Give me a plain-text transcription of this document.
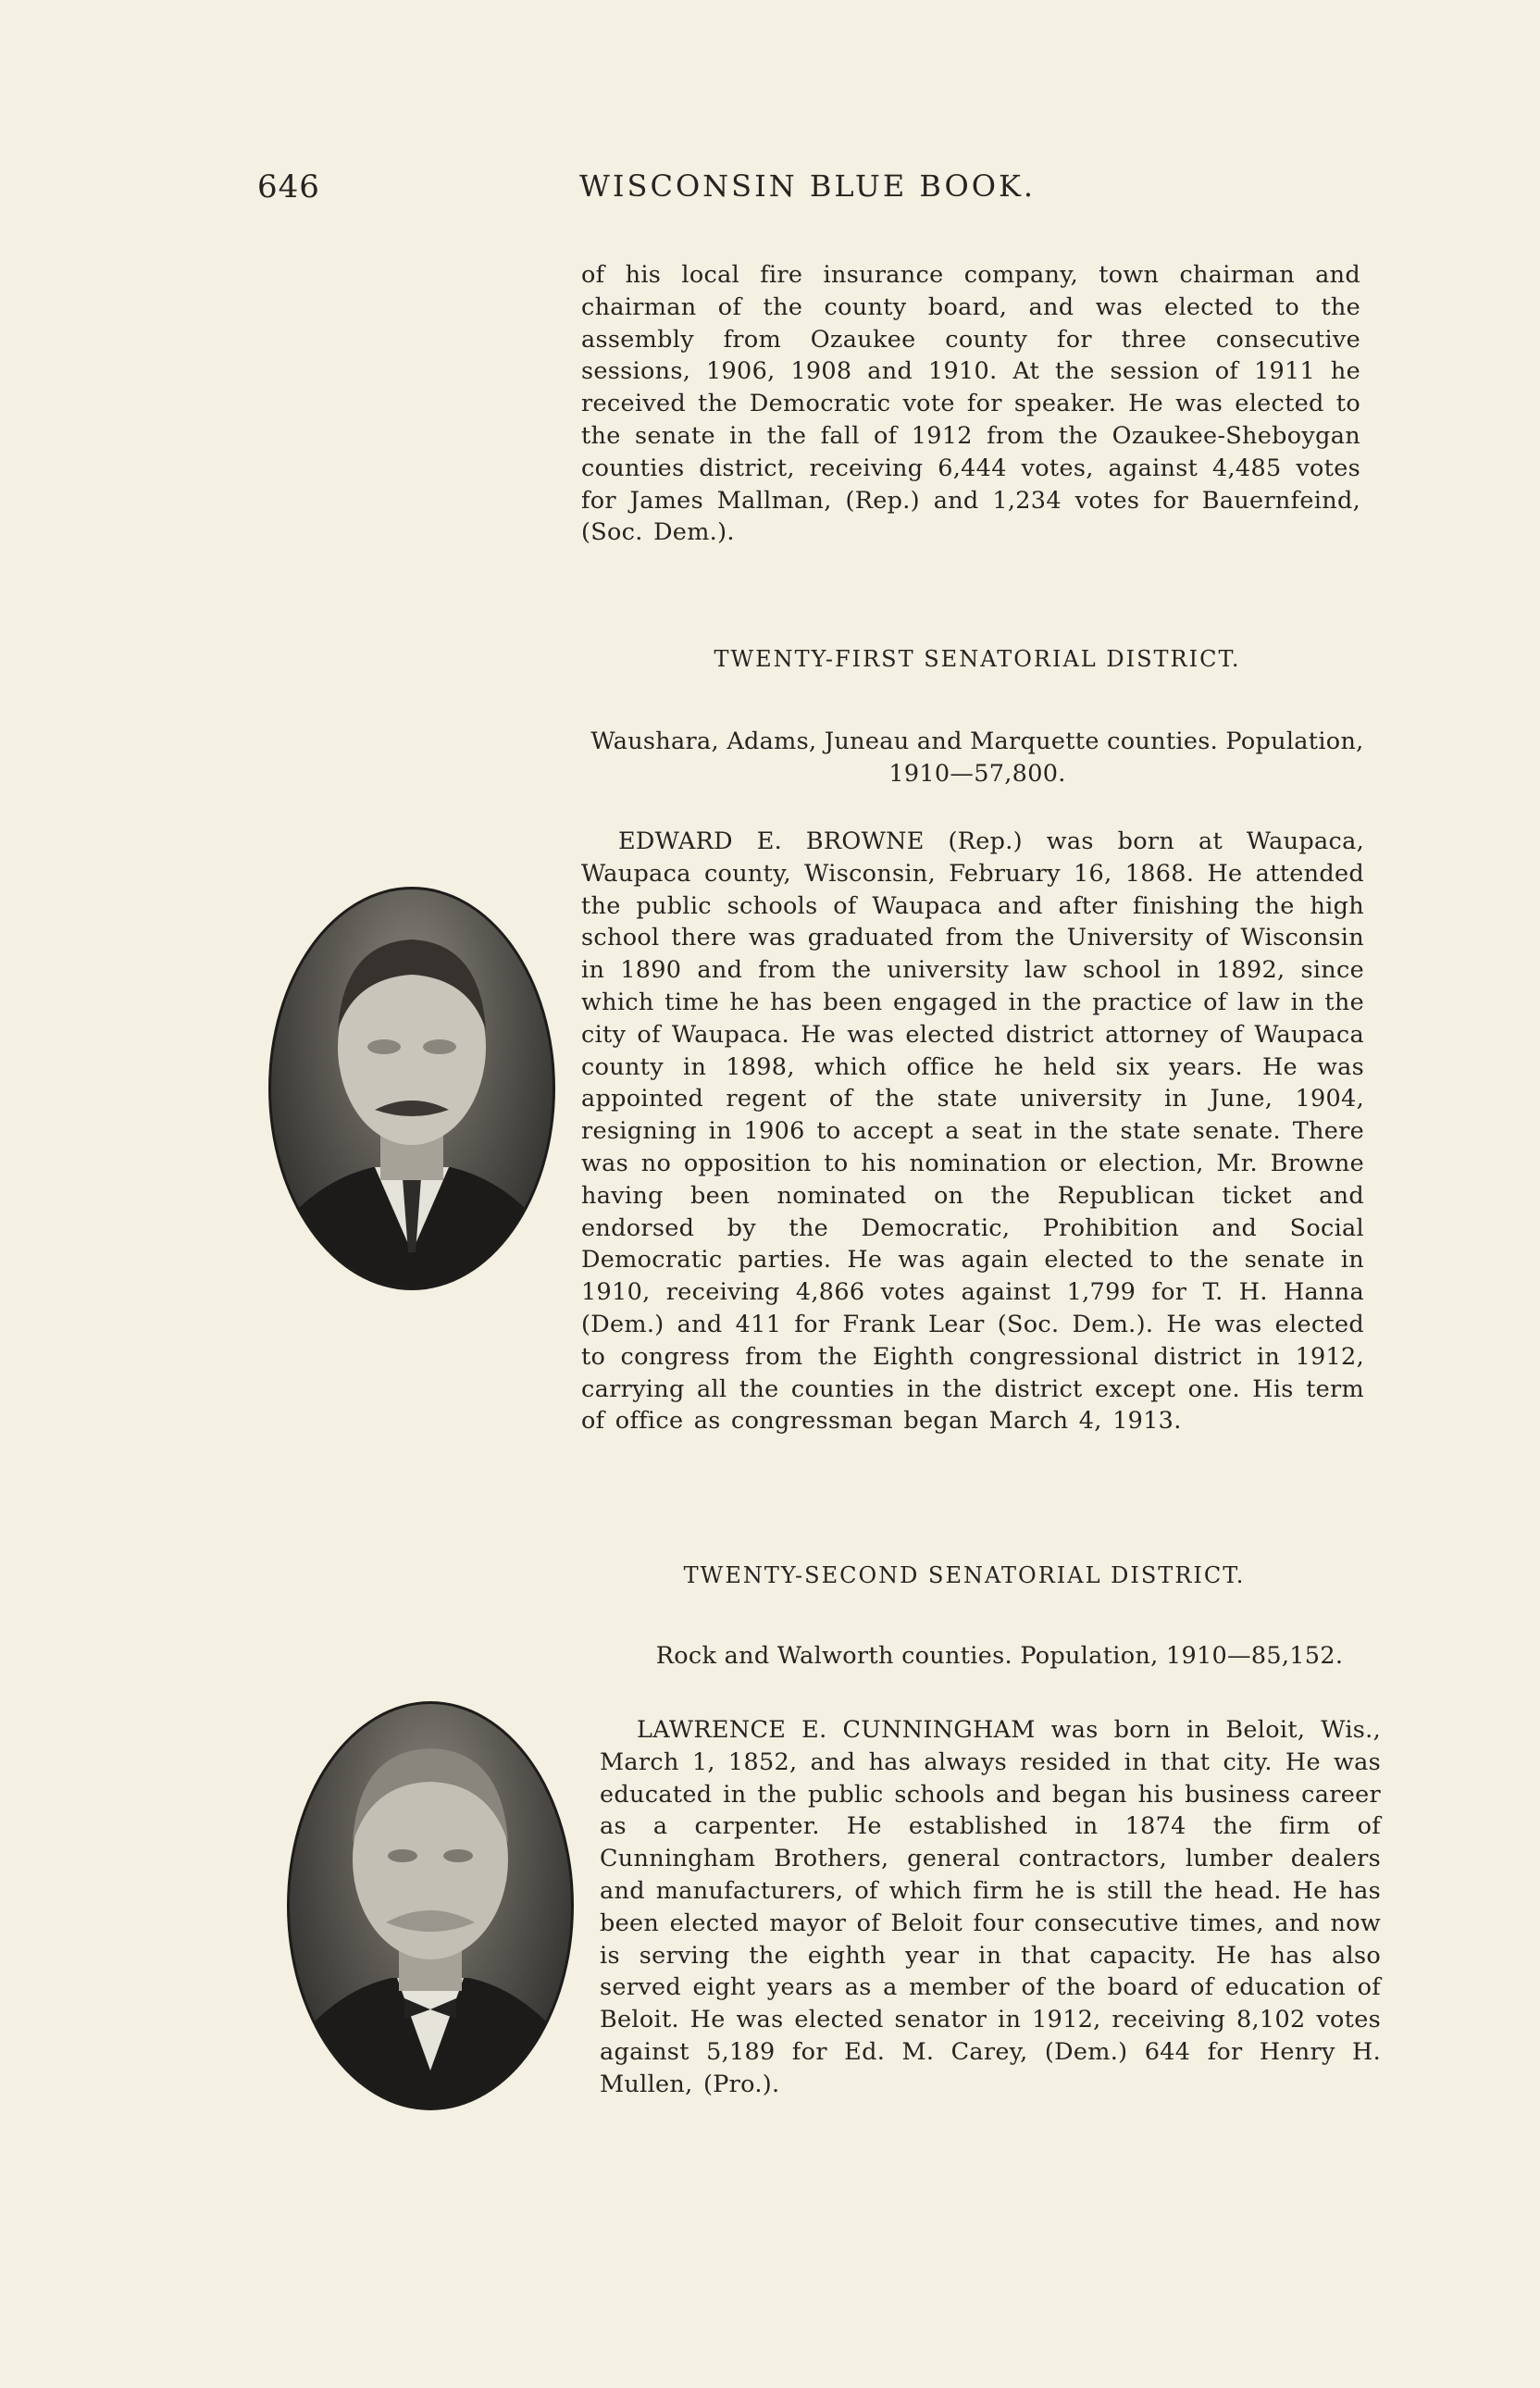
646	WISCONSIN BLUE BOOK.

of his local fire insurance company, town chairman and chairman of the county board, and was elected to the assembly from Ozaukee county for three consecutive sessions, 1906, 1908 and 1910. At the session of 1911 he received the Democratic vote for speaker. He was elected to the senate in the fall of 1912 from the Ozaukee-Sheboygan counties district, receiving 6,444 votes, against 4,485 votes for James Mallman, (Rep.) and 1,234 votes for Bauernfeind, (Soc. Dem.).

TWENTY-FIRST SENATORIAL DISTRICT.

Waushara, Adams, Juneau and Marquette counties. Population, 1910—57,800.

EDWARD E. BROWNE (Rep.) was born at Waupaca, Waupaca county, Wisconsin, February 16, 1868. He attended the public schools of Waupaca and after finishing the high school there was graduated from the University of Wisconsin in 1890 and from the university law school in 1892, since which time he has been engaged in the practice of law in the city of Waupaca. He was elected district attorney of Waupaca county in 1898, which office he held six years. He was appointed regent of the state university in June, 1904, resigning in 1906 to accept a seat in the state senate. There was no opposition to his nomination or election, Mr. Browne having been nominated on the Republican ticket and endorsed by the Democratic, Prohibition and Social Democratic parties. He was again elected to the senate in 1910, receiving 4,866 votes against 1,799 for T. H. Hanna (Dem.) and 411 for Frank Lear (Soc. Dem.). He was elected to congress from the Eighth congressional district in 1912, carrying all the counties in the district except one. His term of office as congressman began March 4, 1913.

TWENTY-SECOND SENATORIAL DISTRICT.

Rock and Walworth counties. Population, 1910—85,152.

LAWRENCE E. CUNNINGHAM was born in Beloit, Wis., March 1, 1852, and has always resided in that city. He was educated in the public schools and began his business career as a carpenter. He established in 1874 the firm of Cunningham Brothers, general contractors, lumber dealers and manufacturers, of which firm he is still the head. He has been elected mayor of Beloit four consecutive times, and now is serving the eighth year in that capacity. He has also served eight years as a member of the board of education of Beloit. He was elected senator in 1912, receiving 8,102 votes against 5,189 for Ed. M. Carey, (Dem.) 644 for Henry H. Mullen, (Pro.).
